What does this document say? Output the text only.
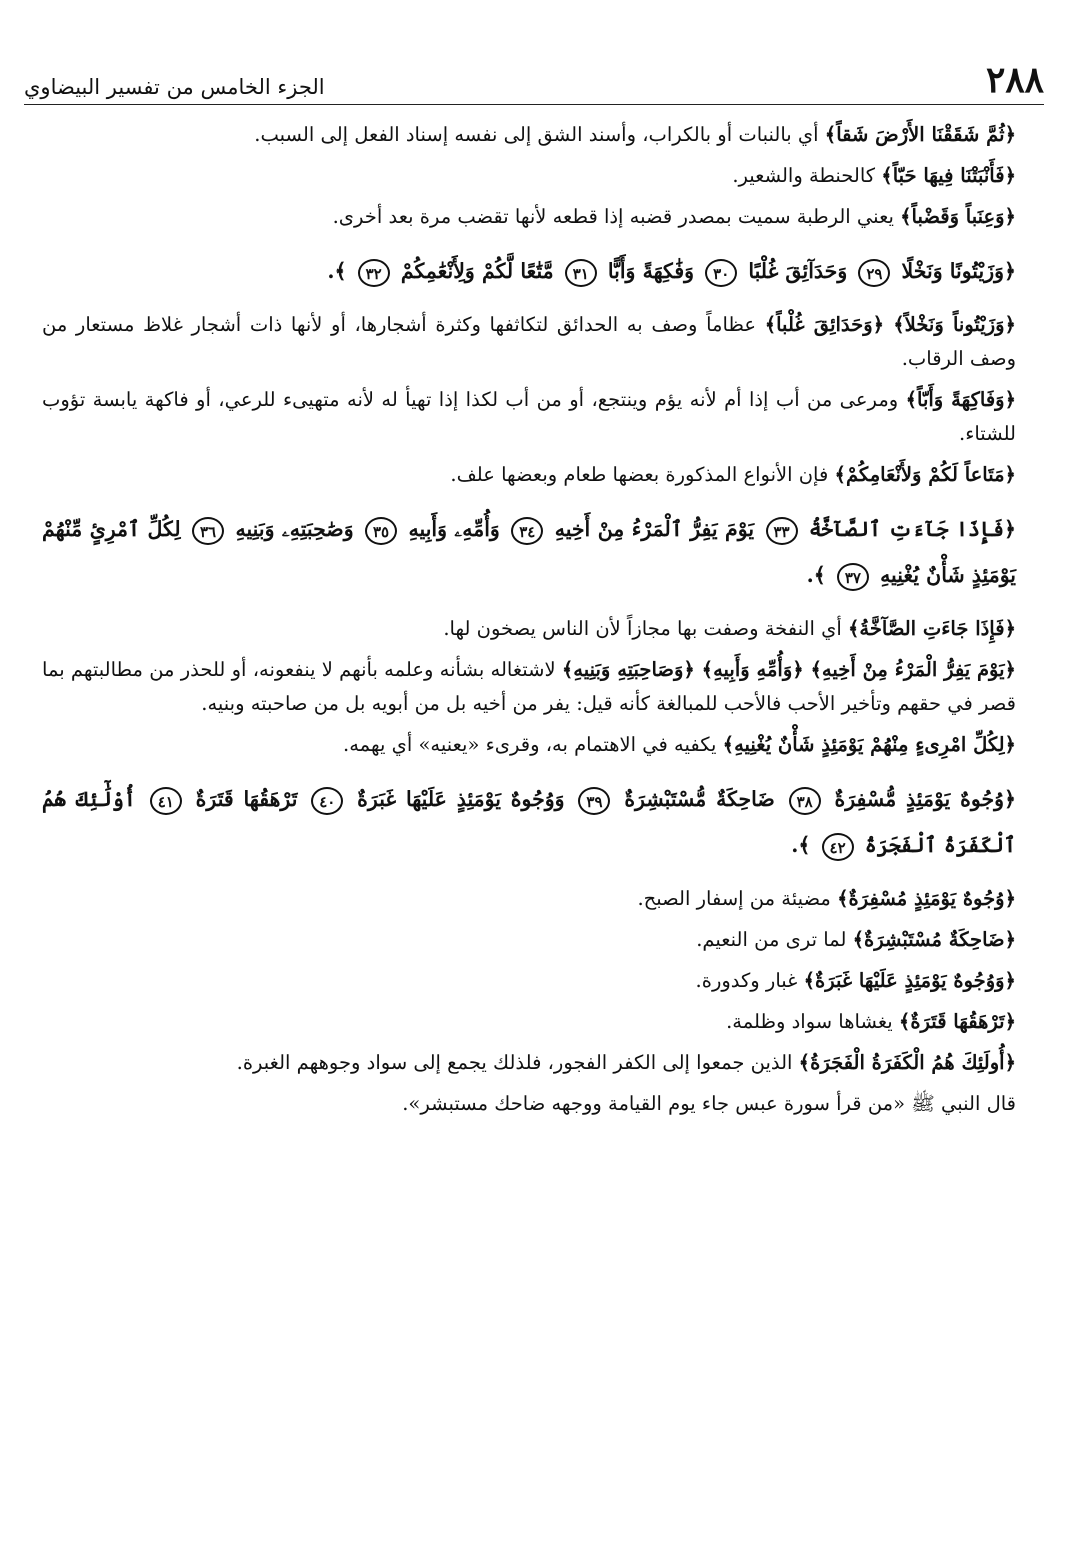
٢٨٨
الجزء الخامس من تفسير البيضاوي

﴿ثُمَّ شَقَقْنَا الأَرْضَ شَقاً﴾ أي بالنبات أو بالكراب، وأسند الشق إلى نفسه إسناد الفعل إلى السبب.

﴿فَأَنْبَتْنَا فِيهَا حَبّاً﴾ كالحنطة والشعير.

﴿وَعِنَباً وَقَضْباً﴾ يعني الرطبة سميت بمصدر قضبه إذا قطعه لأنها تقضب مرة بعد أخرى.

﴿وَزَيْتُونًا وَنَخْلًا ٢٩ وَحَدَآئِقَ غُلْبًا ٣٠ وَفَٰكِهَةً وَأَبًّا ٣١ مَّتَٰعًا لَّكُمْ وَلِأَنْعَٰمِكُمْ ٣٢ ﴾.

﴿وَزَيْتُوناً وَنَخْلاً﴾ ﴿وَحَدَائِقَ غُلْباً﴾ عظاماً وصف به الحدائق لتكاثفها وكثرة أشجارها، أو لأنها ذات أشجار غلاظ مستعار من وصف الرقاب.

﴿وَفَاكِهَةً وَأَبّاً﴾ ومرعى من أب إذا أم لأنه يؤم وينتجع، أو من أب لكذا إذا تهيأ له لأنه متهيىء للرعي، أو فاكهة يابسة تؤوب للشتاء.

﴿مَتَاعاً لَكُمْ وَلأَنْعَامِكُمْ﴾ فإن الأنواع المذكورة بعضها طعام وبعضها علف.

﴿فَإِذَا جَآءَتِ ٱلصَّآخَّةُ ٣٣ يَوْمَ يَفِرُّ ٱلْمَرْءُ مِنْ أَخِيهِ ٣٤ وَأُمِّهِۦ وَأَبِيهِ ٣٥ وَصَٰحِبَتِهِۦ وَبَنِيهِ ٣٦ لِكُلِّ ٱمْرِئٍ مِّنْهُمْ يَوْمَئِذٍ شَأْنٌ يُغْنِيهِ ٣٧ ﴾.

﴿فَإِذَا جَاءَتِ الصَّآخَّةُ﴾ أي النفخة وصفت بها مجازاً لأن الناس يصخون لها.

﴿يَوْمَ يَفِرُّ الْمَرْءُ مِنْ أَخِيهِ﴾ ﴿وَأُمِّهِ وَأَبِيهِ﴾ ﴿وَصَاحِبَتِهِ وَبَنِيهِ﴾ لاشتغاله بشأنه وعلمه بأنهم لا ينفعونه، أو للحذر من مطالبتهم بما قصر في حقهم وتأخير الأحب فالأحب للمبالغة كأنه قيل: يفر من أخيه بل من أبويه بل من صاحبته وبنيه.

﴿لِكُلِّ امْرِىءٍ مِنْهُمْ يَوْمَئِذٍ شَأْنٌ يُغْنِيهِ﴾ يكفيه في الاهتمام به، وقرىء «يعنيه» أي يهمه.

﴿وُجُوهٌ يَوْمَئِذٍ مُّسْفِرَةٌ ٣٨ ضَاحِكَةٌ مُّسْتَبْشِرَةٌ ٣٩ وَوُجُوهٌ يَوْمَئِذٍ عَلَيْهَا غَبَرَةٌ ٤٠ تَرْهَقُهَا قَتَرَةٌ ٤١ أُوْلَٰٓئِكَ هُمُ ٱلْكَفَرَةُ ٱلْفَجَرَةُ ٤٢ ﴾.

﴿وُجُوهٌ يَوْمَئِذٍ مُسْفِرَةٌ﴾ مضيئة من إسفار الصبح.

﴿ضَاحِكَةٌ مُسْتَبْشِرَةٌ﴾ لما ترى من النعيم.

﴿وَوُجُوهٌ يَوْمَئِذٍ عَلَيْهَا غَبَرَةٌ﴾ غبار وكدورة.

﴿تَرْهَقُهَا قَتَرَةٌ﴾ يغشاها سواد وظلمة.

﴿أُولَئِكَ هُمُ الْكَفَرَةُ الْفَجَرَةُ﴾ الذين جمعوا إلى الكفر الفجور، فلذلك يجمع إلى سواد وجوههم الغبرة.

قال النبي ﷺ «من قرأ سورة عبس جاء يوم القيامة ووجهه ضاحك مستبشر».
